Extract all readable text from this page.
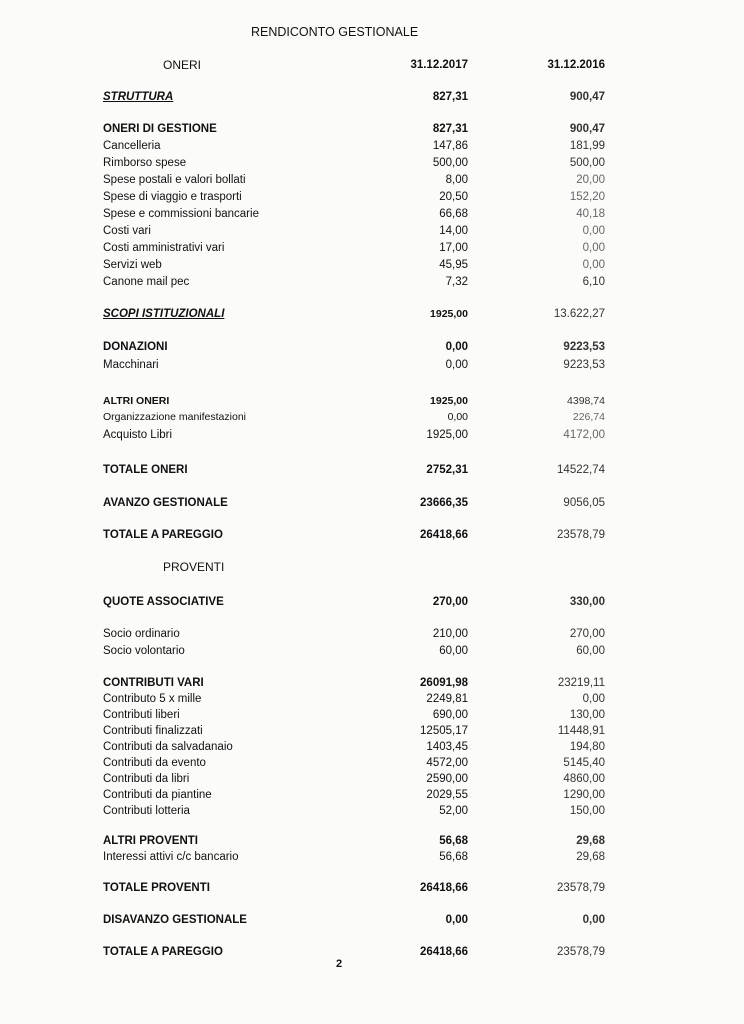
RENDICONTO GESTIONALE
ONERI	31.12.2017	31.12.2016
STRUTTURA	827,31	900,47
ONERI DI GESTIONE	827,31	900,47
Cancelleria	147,86	181,99
Rimborso spese	500,00	500,00
Spese postali e valori bollati	8,00	20,00
Spese di viaggio e trasporti	20,50	152,20
Spese e commissioni bancarie	66,68	40,18
Costi vari	14,00	0,00
Costi amministrativi vari	17,00	0,00
Servizi web	45,95	0,00
Canone mail pec	7,32	6,10
SCOPI ISTITUZIONALI	1925,00	13.622,27
DONAZIONI	0,00	9223,53
Macchinari	0,00	9223,53
ALTRI ONERI	1925,00	4398,74
Organizzazione manifestazioni	0,00	226,74
Acquisto Libri	1925,00	4172,00
TOTALE ONERI	2752,31	14522,74
AVANZO GESTIONALE	23666,35	9056,05
TOTALE A PAREGGIO	26418,66	23578,79
PROVENTI
QUOTE ASSOCIATIVE	270,00	330,00
Socio ordinario	210,00	270,00
Socio volontario	60,00	60,00
CONTRIBUTI VARI	26091,98	23219,11
Contributo 5 x mille	2249,81	0,00
Contributi liberi	690,00	130,00
Contributi finalizzati	12505,17	11448,91
Contributi da salvadanaio	1403,45	194,80
Contributi da evento	4572,00	5145,40
Contributi da libri	2590,00	4860,00
Contributi da piantine	2029,55	1290,00
Contributi lotteria	52,00	150,00
ALTRI PROVENTI	56,68	29,68
Interessi attivi c/c bancario	56,68	29,68
TOTALE PROVENTI	26418,66	23578,79
DISAVANZO GESTIONALE	0,00	0,00
TOTALE A PAREGGIO	26418,66	23578,79
2
